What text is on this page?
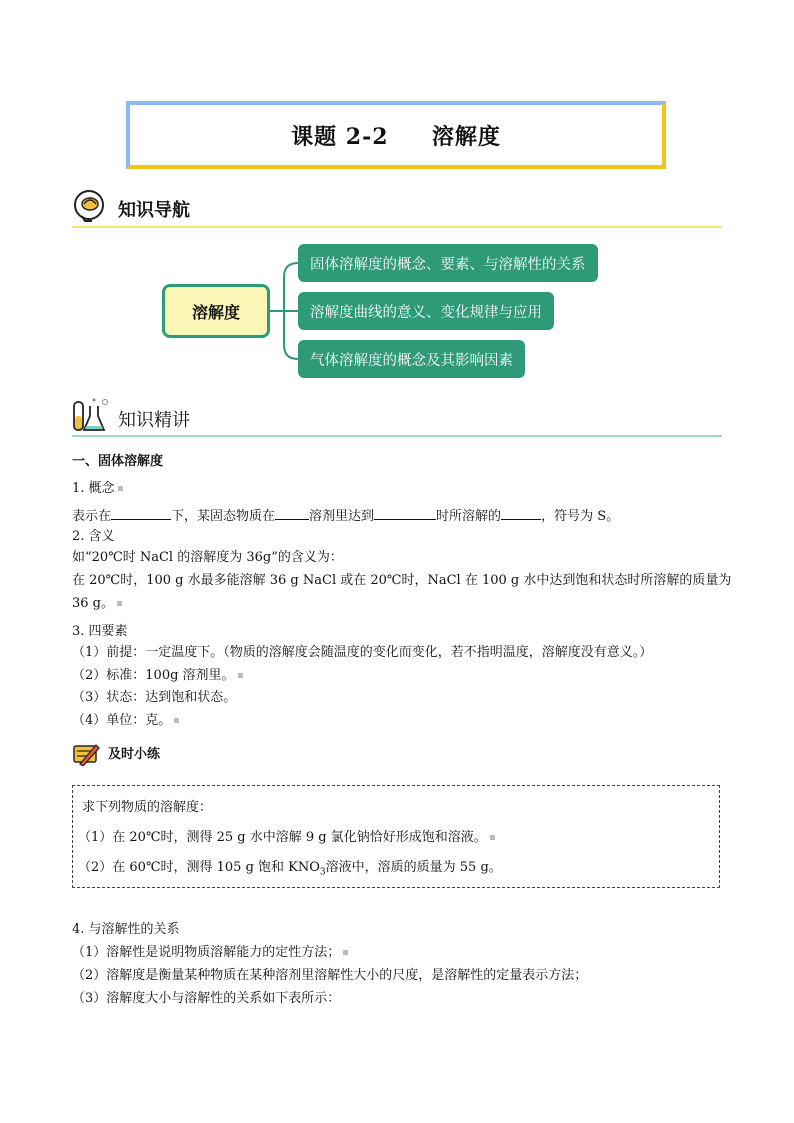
课题 2-2     溶解度
知识导航
溶解度
固体溶解度的概念、要素、与溶解性的关系
溶解度曲线的意义、变化规律与应用
气体溶解度的概念及其影响因素
知识精讲
一、固体溶解度
1. 概念
表示在	下，某固态物质在	溶剂里达到	时所溶解的	，符号为 S。
2. 含义
如“20℃时 NaCl 的溶解度为 36g”的含义为：
在 20℃时，100 g 水最多能溶解 36 g NaCl 或在 20℃时，NaCl 在 100 g 水中达到饱和状态时所溶解的质量为
36 g。
3. 四要素
（1）前提：一定温度下。（物质的溶解度会随温度的变化而变化，若不指明温度，溶解度没有意义。）
（2）标准：100g 溶剂里。
（3）状态：达到饱和状态。
（4）单位：克。
及时小练
求下列物质的溶解度：
（1）在 20℃时，测得 25 g 水中溶解 9 g 氯化钠恰好形成饱和溶液。
（2）在 60℃时，测得 105 g 饱和 $KNO_3$溶液中，溶质的质量为 55 g。
4. 与溶解性的关系
（1）溶解性是说明物质溶解能力的定性方法；
（2）溶解度是衡量某种物质在某种溶剂里溶解性大小的尺度，是溶解性的定量表示方法；
（3）溶解度大小与溶解性的关系如下表所示：
